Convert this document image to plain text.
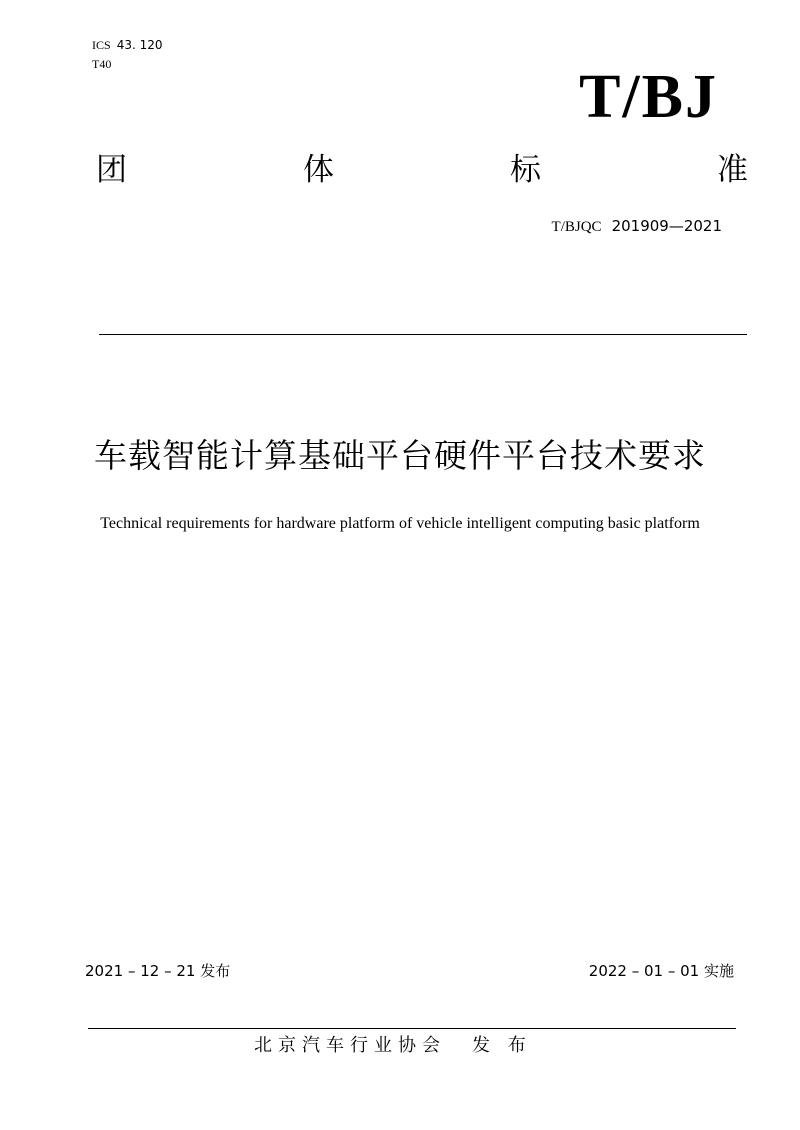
ICS 43. 120
T40	T/BJ
团	体	标	准
T/BJQC 201909—2021
车载智能计算基础平台硬件平台技术要求
Technical requirements for hardware platform of vehicle intelligent computing basic platform
2021 – 12 – 21 发布	2022 – 01 – 01 实施
北京汽车行业协会 发 布
